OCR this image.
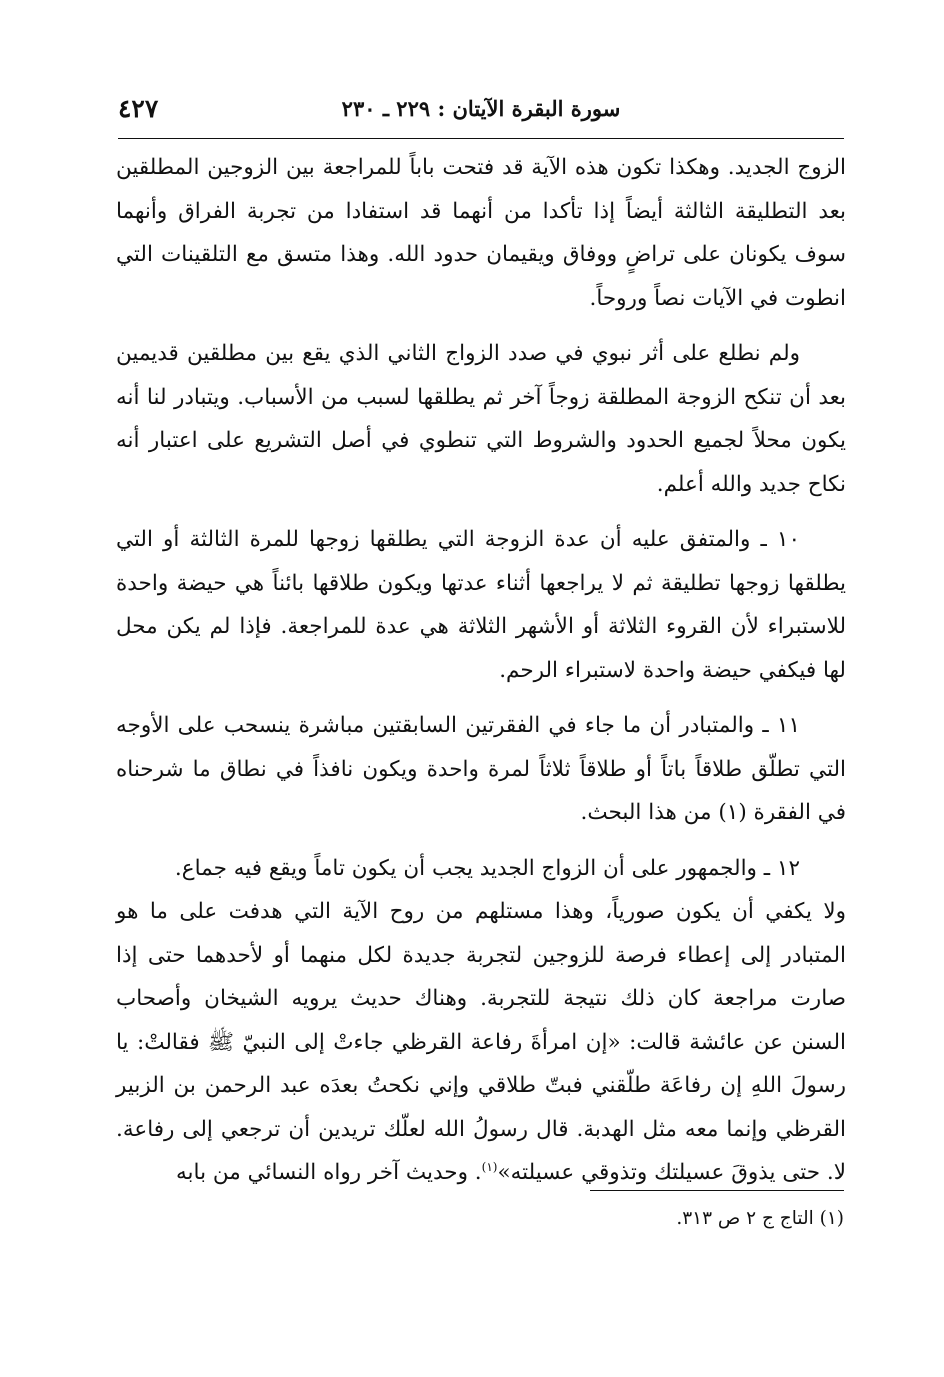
سورة البقرة الآيتان : ٢٢٩ ـ ٢٣٠
٤٢٧

الزوج الجديد. وهكذا تكون هذه الآية قد فتحت باباً للمراجعة بين الزوجين المطلقين بعد التطليقة الثالثة أيضاً إذا تأكدا من أنهما قد استفادا من تجربة الفراق وأنهما سوف يكونان على تراضٍ ووفاق ويقيمان حدود الله. وهذا متسق مع التلقينات التي انطوت في الآيات نصاً وروحاً.

ولم نطلع على أثر نبوي في صدد الزواج الثاني الذي يقع بين مطلقين قديمين بعد أن تنكح الزوجة المطلقة زوجاً آخر ثم يطلقها لسبب من الأسباب. ويتبادر لنا أنه يكون محلاً لجميع الحدود والشروط التي تنطوي في أصل التشريع على اعتبار أنه نكاح جديد والله أعلم.

١٠ ـ والمتفق عليه أن عدة الزوجة التي يطلقها زوجها للمرة الثالثة أو التي يطلقها زوجها تطليقة ثم لا يراجعها أثناء عدتها ويكون طلاقها بائناً هي حيضة واحدة للاستبراء لأن القروء الثلاثة أو الأشهر الثلاثة هي عدة للمراجعة. فإذا لم يكن محل لها فيكفي حيضة واحدة لاستبراء الرحم.

١١ ـ والمتبادر أن ما جاء في الفقرتين السابقتين مباشرة ينسحب على الأوجه التي تطلّق طلاقاً باتاً أو طلاقاً ثلاثاً لمرة واحدة ويكون نافذاً في نطاق ما شرحناه في الفقرة (١) من هذا البحث.

١٢ ـ والجمهور على أن الزواج الجديد يجب أن يكون تاماً ويقع فيه جماع.

ولا يكفي أن يكون صورياً، وهذا مستلهم من روح الآية التي هدفت على ما هو المتبادر إلى إعطاء فرصة للزوجين لتجربة جديدة لكل منهما أو لأحدهما حتى إذا صارت مراجعة كان ذلك نتيجة للتجربة. وهناك حديث يرويه الشيخان وأصحاب السنن عن عائشة قالت: «إن امرأةَ رفاعة القرظي جاءتْ إلى النبيّ ﷺ فقالتْ: يا رسولَ اللهِ إن رفاعَة طلّقني فبتّ طلاقي وإني نكحتُ بعدَه عبد الرحمن بن الزبير القرظي وإنما معه مثل الهدبة. قال رسولُ الله لعلّك تريدين أن ترجعي إلى رفاعة. لا. حتى يذوقَ عسيلتك وتذوقي عسيلته»$^{(١)}$. وحديث آخر رواه النسائي من بابه

(١) التاج ج ٢ ص ٣١٣.
